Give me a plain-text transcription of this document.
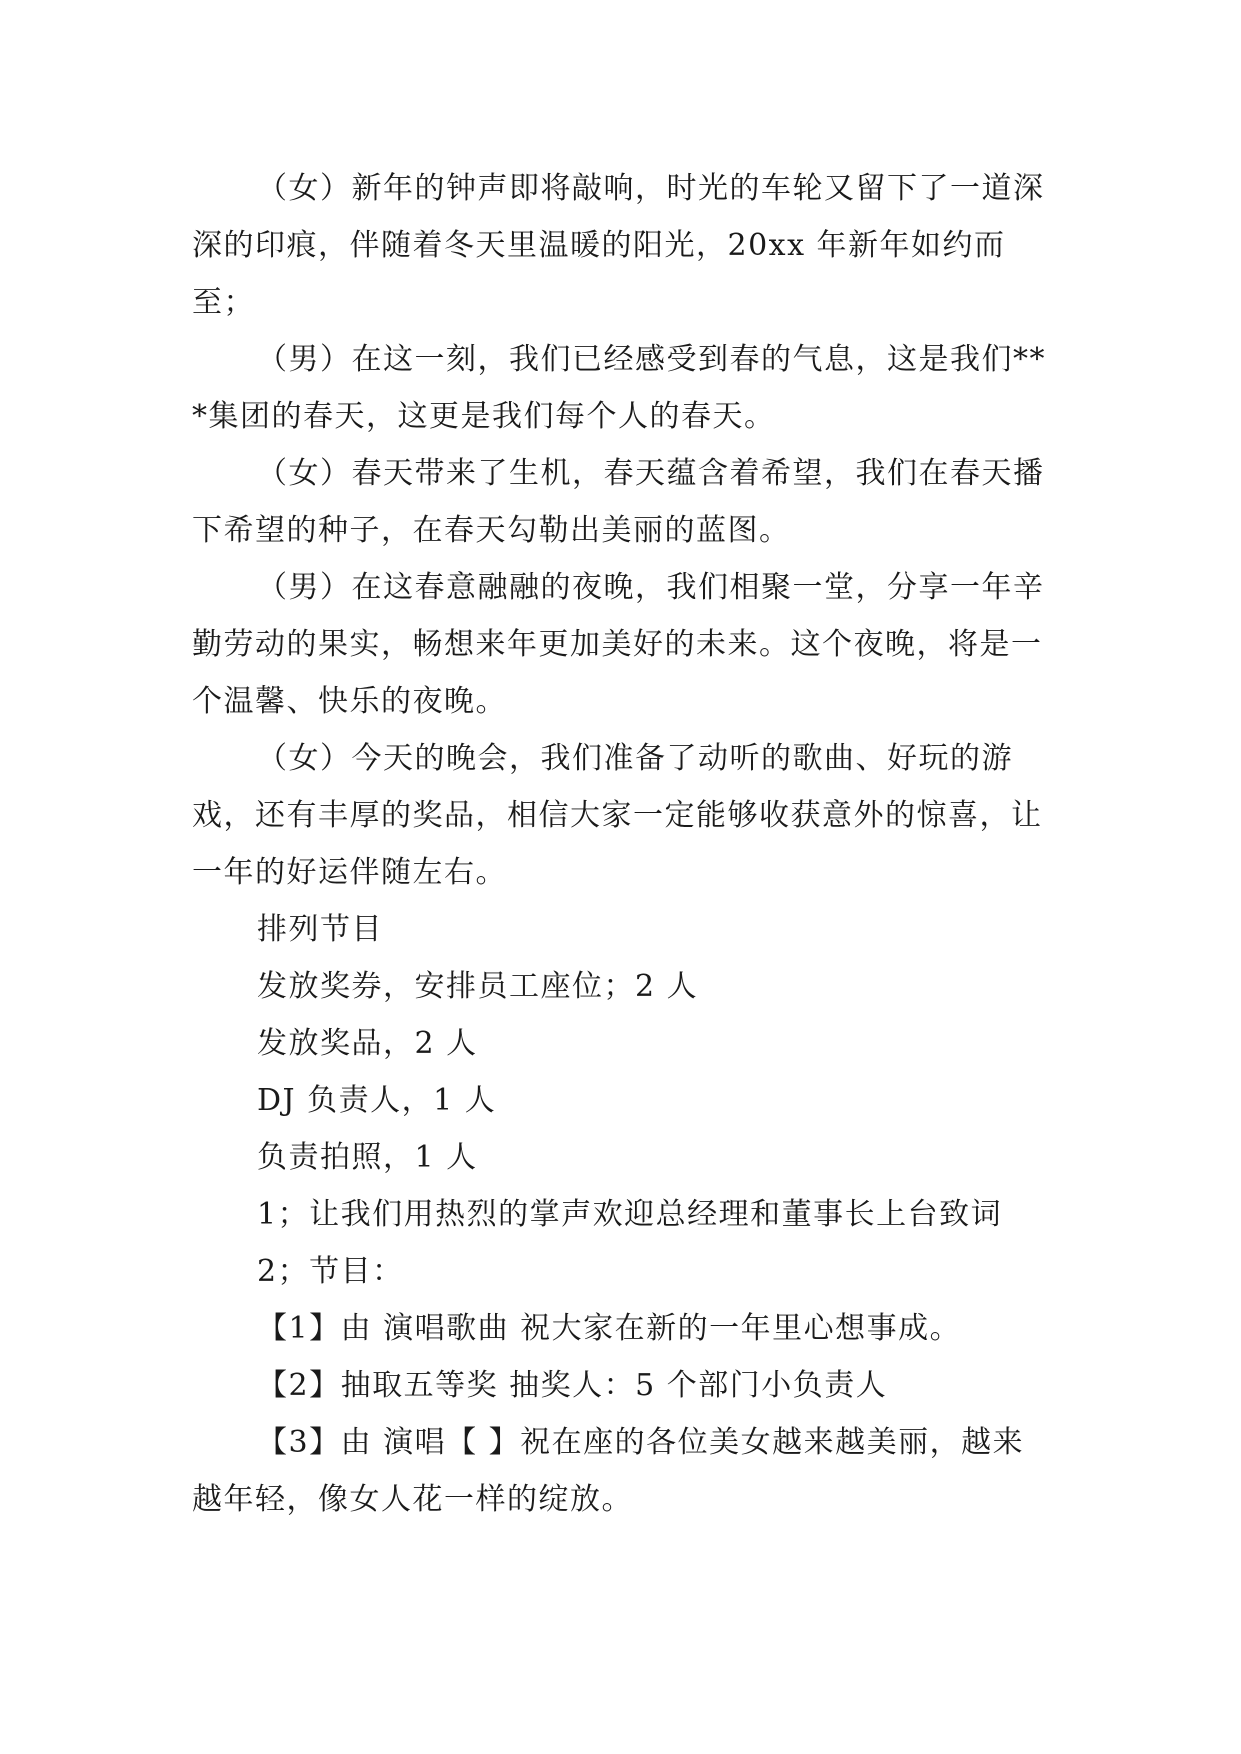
（女）新年的钟声即将敲响，时光的车轮又留下了一道深深的印痕，伴随着冬天里温暖的阳光，20xx 年新年如约而至；

（男）在这一刻，我们已经感受到春的气息，这是我们***集团的春天，这更是我们每个人的春天。

（女）春天带来了生机，春天蕴含着希望，我们在春天播下希望的种子，在春天勾勒出美丽的蓝图。

（男）在这春意融融的夜晚，我们相聚一堂，分享一年辛勤劳动的果实，畅想来年更加美好的未来。这个夜晚，将是一个温馨、快乐的夜晚。

（女）今天的晚会，我们准备了动听的歌曲、好玩的游戏，还有丰厚的奖品，相信大家一定能够收获意外的惊喜，让一年的好运伴随左右。

排列节目

发放奖券，安排员工座位；2 人

发放奖品，2 人

DJ 负责人，1 人

负责拍照，1 人

1；让我们用热烈的掌声欢迎总经理和董事长上台致词

2；节目：

【1】由 演唱歌曲 祝大家在新的一年里心想事成。

【2】抽取五等奖 抽奖人：5 个部门小负责人

【3】由 演唱【 】祝在座的各位美女越来越美丽，越来越年轻，像女人花一样的绽放。
